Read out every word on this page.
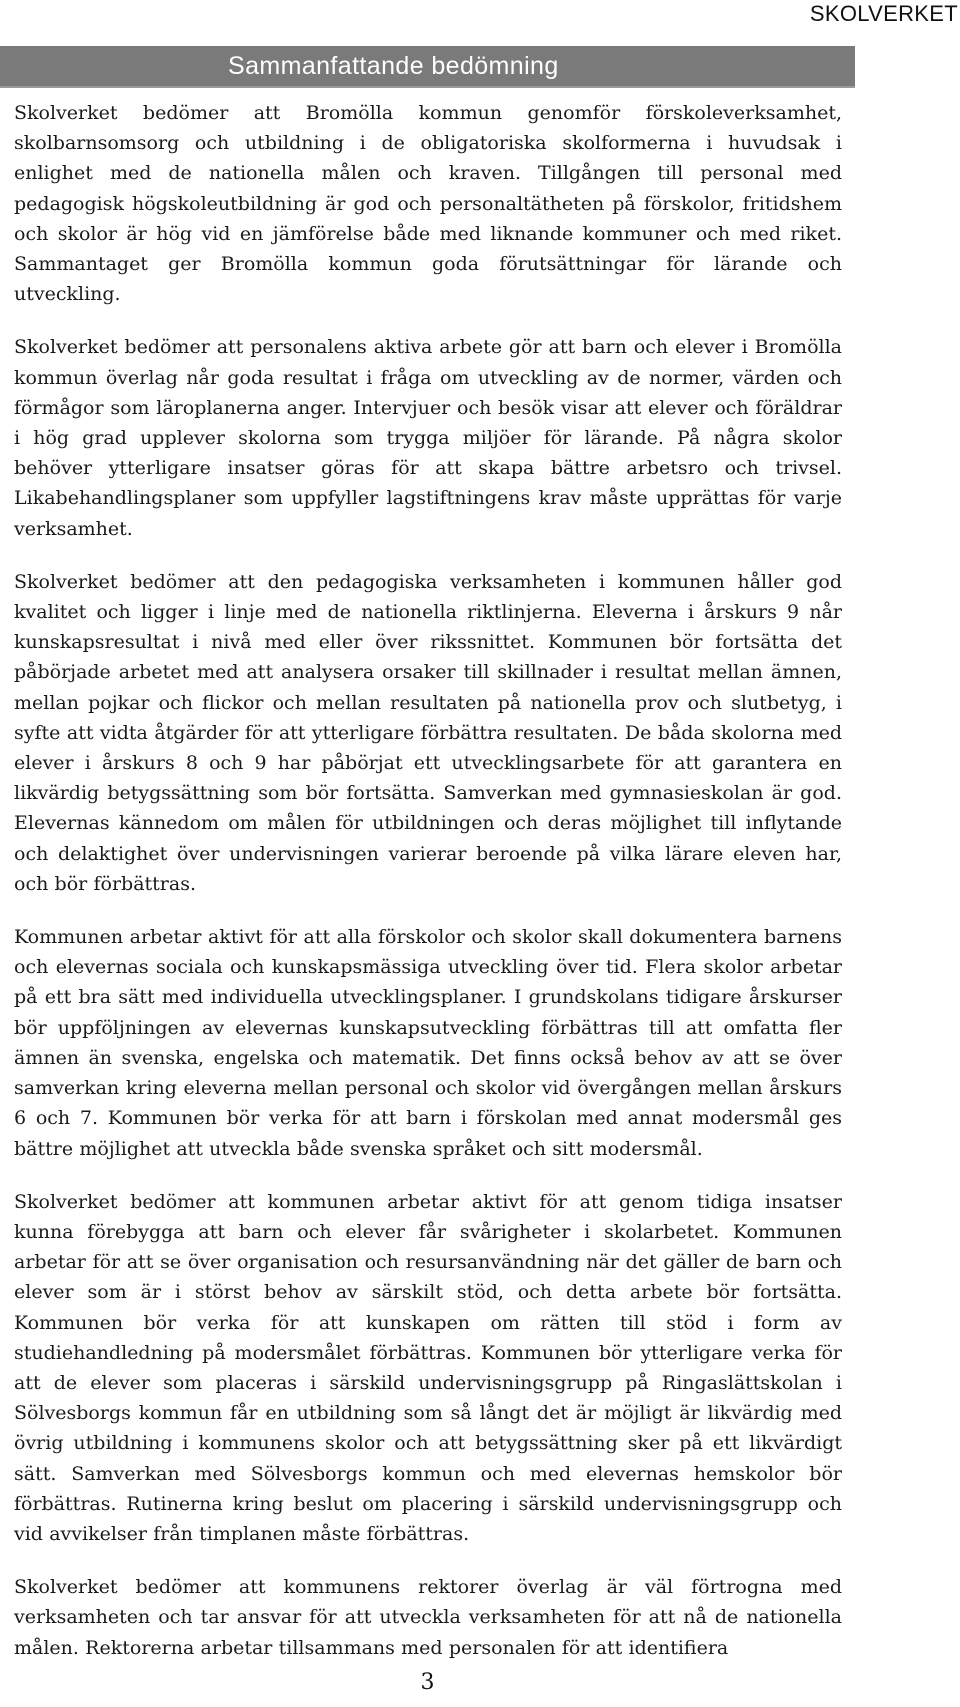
SKOLVERKET
Sammanfattande bedömning

Skolverket bedömer att Bromölla kommun genomför förskoleverksamhet, skolbarnsomsorg och utbildning i de obligatoriska skolformerna i huvudsak i enlighet med de nationella målen och kraven. Tillgången till personal med pedagogisk högskoleutbildning är god och personaltätheten på förskolor, fritidshem och skolor är hög vid en jämförelse både med liknande kommuner och med riket. Sammantaget ger Bromölla kommun goda förutsättningar för lärande och utveckling.

Skolverket bedömer att personalens aktiva arbete gör att barn och elever i Bromölla kommun överlag når goda resultat i fråga om utveckling av de normer, värden och förmågor som läroplanerna anger. Intervjuer och besök visar att elever och föräldrar i hög grad upplever skolorna som trygga miljöer för lärande. På några skolor behöver ytterligare insatser göras för att skapa bättre arbetsro och trivsel. Likabehandlingsplaner som uppfyller lagstiftningens krav måste upprättas för varje verksamhet.

Skolverket bedömer att den pedagogiska verksamheten i kommunen håller god kvalitet och ligger i linje med de nationella riktlinjerna. Eleverna i årskurs 9 når kunskapsresultat i nivå med eller över rikssnittet. Kommunen bör fortsätta det påbörjade arbetet med att analysera orsaker till skillnader i resultat mellan ämnen, mellan pojkar och flickor och mellan resultaten på nationella prov och slutbetyg, i syfte att vidta åtgärder för att ytterligare förbättra resultaten. De båda skolorna med elever i årskurs 8 och 9 har påbörjat ett utvecklingsarbete för att garantera en likvärdig betygssättning som bör fortsätta. Samverkan med gymnasieskolan är god. Elevernas kännedom om målen för utbildningen och deras möjlighet till inflytande och delaktighet över undervisningen varierar beroende på vilka lärare eleven har, och bör förbättras.

Kommunen arbetar aktivt för att alla förskolor och skolor skall dokumentera barnens och elevernas sociala och kunskapsmässiga utveckling över tid. Flera skolor arbetar på ett bra sätt med individuella utvecklingsplaner. I grundskolans tidigare årskurser bör uppföljningen av elevernas kunskapsutveckling förbättras till att omfatta fler ämnen än svenska, engelska och matematik. Det finns också behov av att se över samverkan kring eleverna mellan personal och skolor vid övergången mellan årskurs 6 och 7. Kommunen bör verka för att barn i förskolan med annat modersmål ges bättre möjlighet att utveckla både svenska språket och sitt modersmål.

Skolverket bedömer att kommunen arbetar aktivt för att genom tidiga insatser kunna förebygga att barn och elever får svårigheter i skolarbetet. Kommunen arbetar för att se över organisation och resursanvändning när det gäller de barn och elever som är i störst behov av särskilt stöd, och detta arbete bör fortsätta. Kommunen bör verka för att kunskapen om rätten till stöd i form av studiehandledning på modersmålet förbättras. Kommunen bör ytterligare verka för att de elever som placeras i särskild undervisningsgrupp på Ringaslättskolan i Sölvesborgs kommun får en utbildning som så långt det är möjligt är likvärdig med övrig utbildning i kommunens skolor och att betygssättning sker på ett likvärdigt sätt. Samverkan med Sölvesborgs kommun och med elevernas hemskolor bör förbättras. Rutinerna kring beslut om placering i särskild undervisningsgrupp och vid avvikelser från timplanen måste förbättras.

Skolverket bedömer att kommunens rektorer överlag är väl förtrogna med verksamheten och tar ansvar för att utveckla verksamheten för att nå de nationella målen. Rektorerna arbetar tillsammans med personalen för att identifiera

3
